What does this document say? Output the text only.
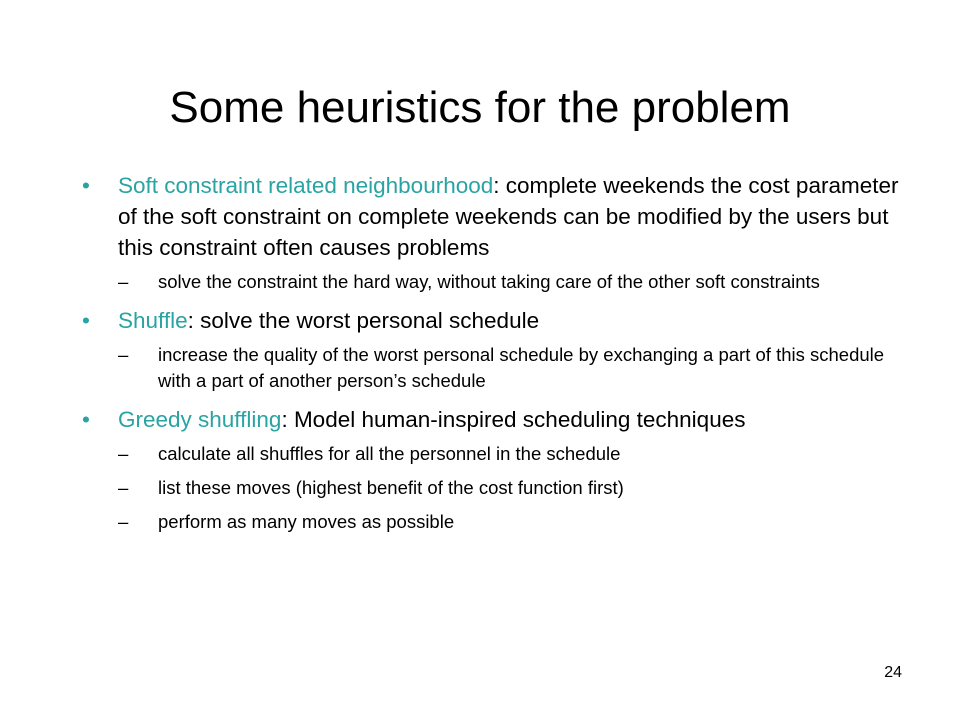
Some heuristics for the problem
• Soft constraint related neighbourhood: complete weekends the cost parameter of the soft constraint on complete weekends can be modified by the users but this constraint often causes problems
– solve the constraint the hard way, without taking care of the other soft constraints
• Shuffle: solve the worst personal schedule
– increase the quality of the worst personal schedule by exchanging a part of this schedule with a part of another person’s schedule
• Greedy shuffling: Model human-inspired scheduling techniques
– calculate all shuffles for all the personnel in the schedule
– list these moves (highest benefit of the cost function first)
– perform as many moves as possible
24
